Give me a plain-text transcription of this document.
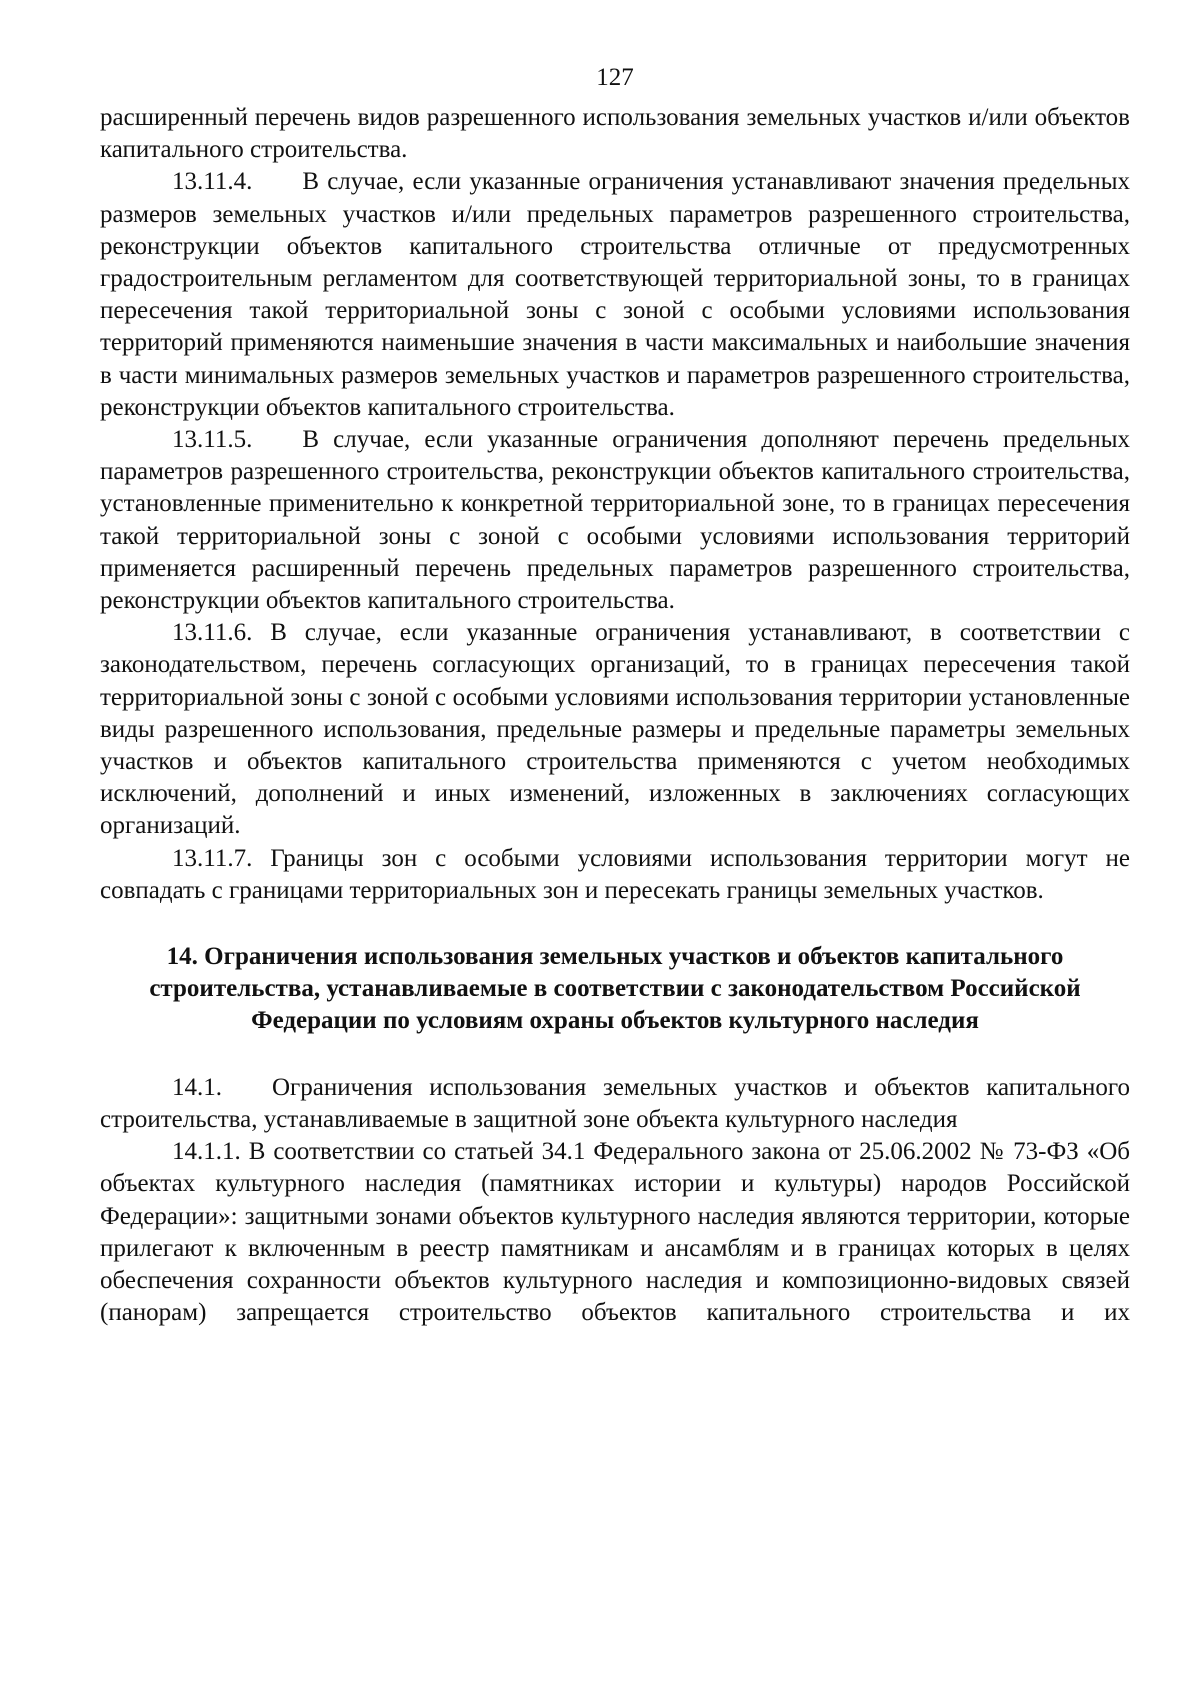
127

расширенный перечень видов разрешенного использования земельных участков и/или объектов капитального строительства.

13.11.4.  В случае, если указанные ограничения устанавливают значения предельных размеров земельных участков и/или предельных параметров разрешенного строительства, реконструкции объектов капитального строительства отличные от предусмотренных градостроительным регламентом для соответствующей территориальной зоны, то в границах пересечения такой территориальной зоны с зоной с особыми условиями использования территорий применяются наименьшие значения в части максимальных и наибольшие значения в части минимальных размеров земельных участков и параметров разрешенного строительства, реконструкции объектов капитального строительства.

13.11.5.  В случае, если указанные ограничения дополняют перечень предельных параметров разрешенного строительства, реконструкции объектов капитального строительства, установленные применительно к конкретной территориальной зоне, то в границах пересечения такой территориальной зоны с зоной с особыми условиями использования территорий применяется расширенный перечень предельных параметров разрешенного строительства, реконструкции объектов капитального строительства.

13.11.6. В случае, если указанные ограничения устанавливают, в соответствии с законодательством, перечень согласующих организаций, то в границах пересечения такой территориальной зоны с зоной с особыми условиями использования территории установленные виды разрешенного использования, предельные размеры и предельные параметры земельных участков и объектов капитального строительства применяются с учетом необходимых исключений, дополнений и иных изменений, изложенных в заключениях согласующих организаций.

13.11.7. Границы зон с особыми условиями использования территории могут не совпадать с границами территориальных зон и пересекать границы земельных участков.

14. Ограничения использования земельных участков и объектов капитального строительства, устанавливаемые в соответствии с законодательством Российской Федерации по условиям охраны объектов культурного наследия

14.1.  Ограничения использования земельных участков и объектов капитального строительства, устанавливаемые в защитной зоне объекта культурного наследия

14.1.1. В соответствии со статьей 34.1 Федерального закона от 25.06.2002 № 73-ФЗ «Об объектах культурного наследия (памятниках истории и культуры) народов Российской Федерации»: защитными зонами объектов культурного наследия являются территории, которые прилегают к включенным в реестр памятникам и ансамблям и в границах которых в целях обеспечения сохранности объектов культурного наследия и композиционно-видовых связей (панорам) запрещается строительство объектов капитального строительства и их
